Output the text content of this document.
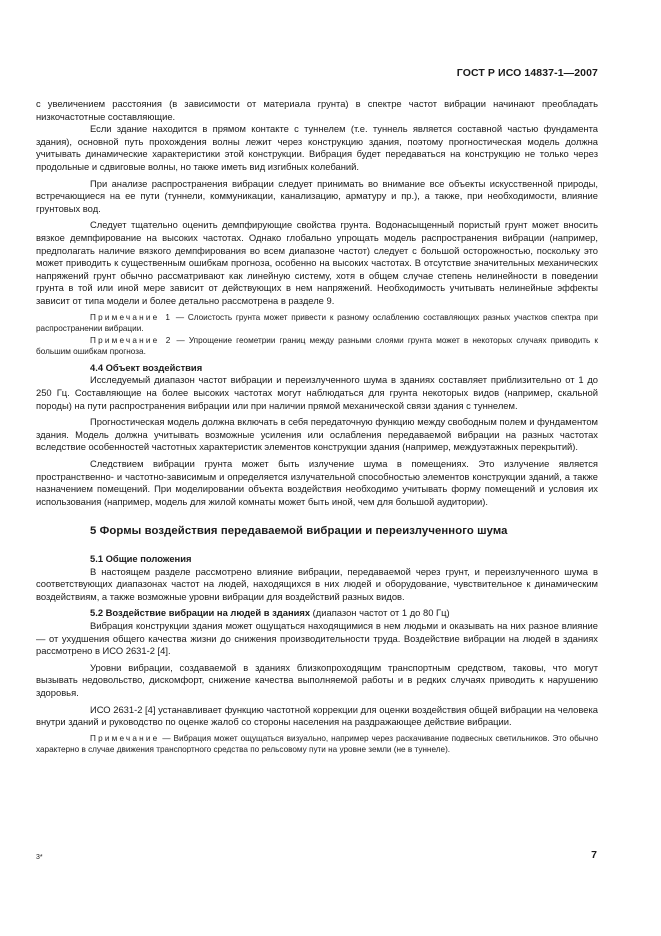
ГОСТ Р ИСО 14837-1—2007

с увеличением расстояния (в зависимости от материала грунта) в спектре частот вибрации начинают преобладать низкочастотные составляющие.

Если здание находится в прямом контакте с туннелем (т.е. туннель является составной частью фундамента здания), основной путь прохождения волны лежит через конструкцию здания, поэтому прогностическая модель должна учитывать динамические характеристики этой конструкции. Вибрация будет передаваться на конструкцию не только через продольные и сдвиговые волны, но также иметь вид изгибных колебаний.

При анализе распространения вибрации следует принимать во внимание все объекты искусственной природы, встречающиеся на ее пути (туннели, коммуникации, канализацию, арматуру и пр.), а также, при необходимости, влияние грунтовых вод.

Следует тщательно оценить демпфирующие свойства грунта. Водонасыщенный пористый грунт может вносить вязкое демпфирование на высоких частотах. Однако глобально упрощать модель распространения вибрации (например, предполагать наличие вязкого демпфирования во всем диапазоне частот) следует с большой осторожностью, поскольку это может приводить к существенным ошибкам прогноза, особенно на высоких частотах. В отсутствие значительных механических напряжений грунт обычно рассматривают как линейную систему, хотя в общем случае степень нелинейности в поведении грунта в той или иной мере зависит от действующих в нем напряжений. Необходимость учитывать нелинейные эффекты зависит от типа модели и более детально рассмотрена в разделе 9.

Примечание 1 — Слоистость грунта может привести к разному ослаблению составляющих разных участков спектра при распространении вибрации.

Примечание 2 — Упрощение геометрии границ между разными слоями грунта может в некоторых случаях приводить к большим ошибкам прогноза.

4.4 Объект воздействия

Исследуемый диапазон частот вибрации и переизлученного шума в зданиях составляет приблизительно от 1 до 250 Гц. Составляющие на более высоких частотах могут наблюдаться для грунта некоторых видов (например, скальной породы) на пути распространения вибрации или при наличии прямой механической связи здания с туннелем.

Прогностическая модель должна включать в себя передаточную функцию между свободным полем и фундаментом здания. Модель должна учитывать возможные усиления или ослабления передаваемой вибрации на разных частотах вследствие особенностей частотных характеристик элементов конструкции здания (например, междуэтажных перекрытий).

Следствием вибрации грунта может быть излучение шума в помещениях. Это излучение является пространственно- и частотно-зависимым и определяется излучательной способностью элементов конструкции зданий, а также назначением помещений. При моделировании объекта воздействия необходимо учитывать форму помещений и условия их использования (например, модель для жилой комнаты может быть иной, чем для большой аудитории).

5 Формы воздействия передаваемой вибрации и переизлученного шума

5.1 Общие положения

В настоящем разделе рассмотрено влияние вибрации, передаваемой через грунт, и переизлученного шума в соответствующих диапазонах частот на людей, находящихся в них людей и оборудование, чувствительное к динамическим воздействиям, а также возможные уровни вибрации для воздействий разных видов.

5.2 Воздействие вибрации на людей в зданиях (диапазон частот от 1 до 80 Гц)

Вибрация конструкции здания может ощущаться находящимися в нем людьми и оказывать на них разное влияние — от ухудшения общего качества жизни до снижения производительности труда. Воздействие вибрации на людей в зданиях рассмотрено в ИСО 2631-2 [4].

Уровни вибрации, создаваемой в зданиях близкопроходящим транспортным средством, таковы, что могут вызывать недовольство, дискомфорт, снижение качества выполняемой работы и в редких случаях приводить к нарушению здоровья.

ИСО 2631-2 [4] устанавливает функцию частотной коррекции для оценки воздействия общей вибрации на человека внутри зданий и руководство по оценке жалоб со стороны населения на раздражающее действие вибрации.

Примечание — Вибрация может ощущаться визуально, например через раскачивание подвесных светильников. Это обычно характерно в случае движения транспортного средства по рельсовому пути на уровне земли (не в туннеле).

3*	7
